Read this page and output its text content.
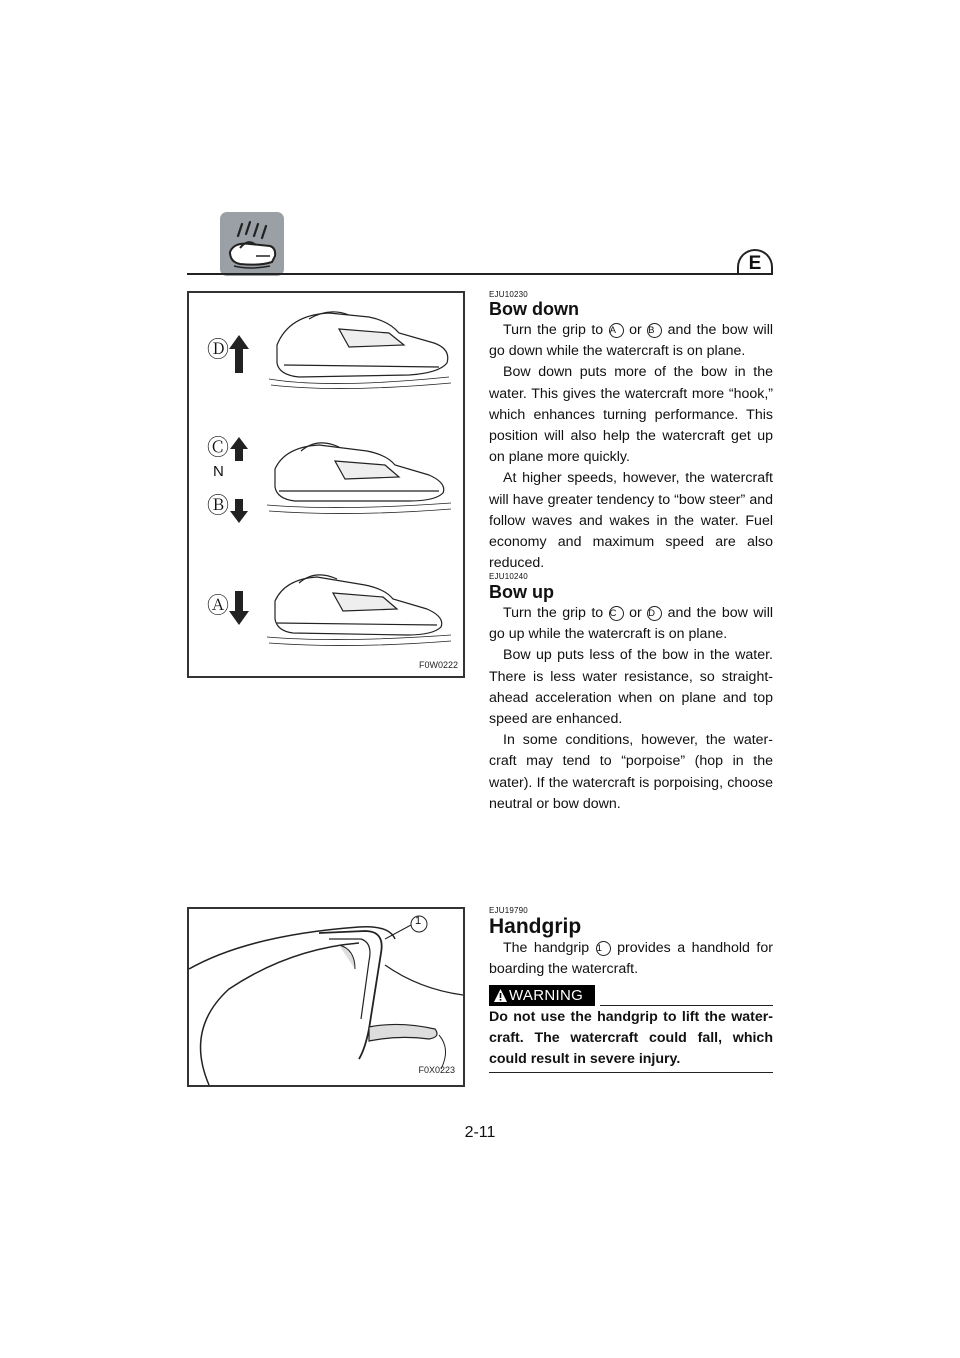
E
Ⓓ
Ⓒ
N
Ⓑ
Ⓐ
F0W0222
1
F0X0223
EJU10230
Bow down

Turn the grip to A or B and the bow will go down while the watercraft is on plane.

Bow down puts more of the bow in the water. This gives the watercraft more “hook,” which enhances turning performance. This position will also help the watercraft get up on plane more quickly.

At higher speeds, however, the watercraft will have greater tendency to “bow steer” and follow waves and wakes in the water. Fuel economy and maximum speed are also reduced.

EJU10240
Bow up

Turn the grip to C or D and the bow will go up while the watercraft is on plane.

Bow up puts less of the bow in the water. There is less water resistance, so straight-ahead acceleration when on plane and top speed are enhanced.

In some conditions, however, the water-craft may tend to “porpoise” (hop in the water). If the watercraft is porpoising, choose neutral or bow down.

EJU19790
Handgrip

The handgrip 1 provides a handhold for boarding the watercraft.

WARNING
Do not use the handgrip to lift the water-craft. The watercraft could fall, which could result in severe injury.
2-11
